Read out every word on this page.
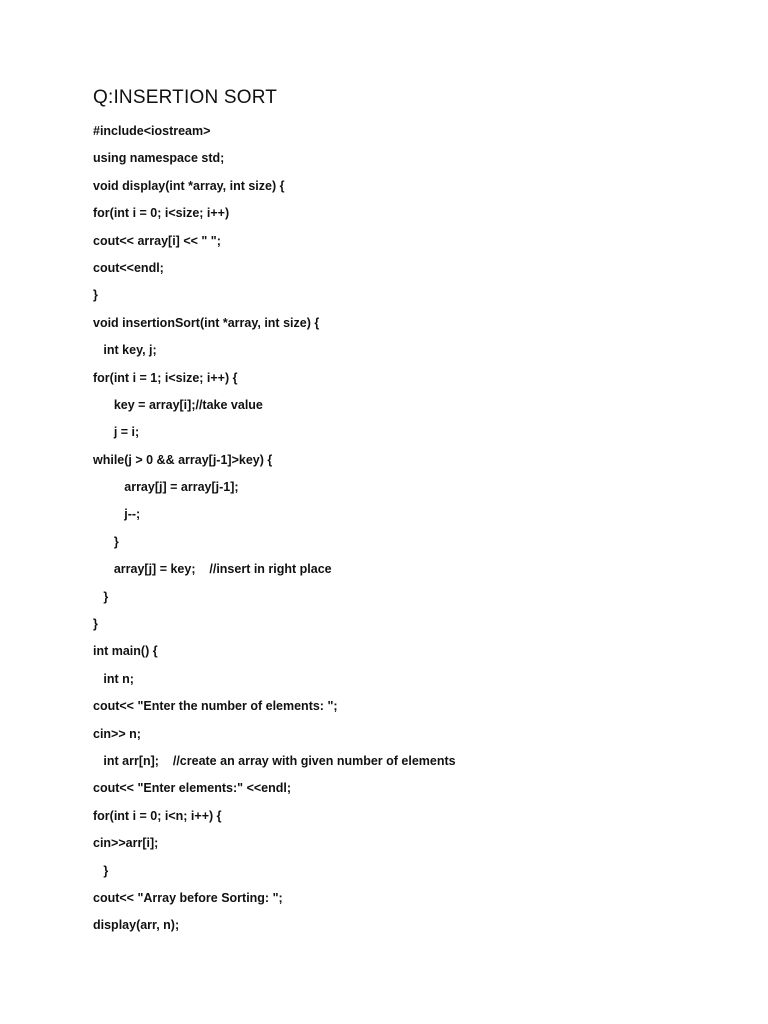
Q:INSERTION SORT
#include<iostream>
using namespace std;
void display(int *array, int size) {
for(int i = 0; i<size; i++)
cout<< array[i] << " ";
cout<<endl;
}
void insertionSort(int *array, int size) {
int key, j;
for(int i = 1; i<size; i++) {
key = array[i];//take value
j = i;
while(j > 0 && array[j-1]>key) {
array[j] = array[j-1];
j--;
}
array[j] = key;    //insert in right place
}
}
int main() {
int n;
cout<< "Enter the number of elements: ";
cin>> n;
int arr[n];    //create an array with given number of elements
cout<< "Enter elements:" <<endl;
for(int i = 0; i<n; i++) {
cin>>arr[i];
}
cout<< "Array before Sorting: ";
display(arr, n);
